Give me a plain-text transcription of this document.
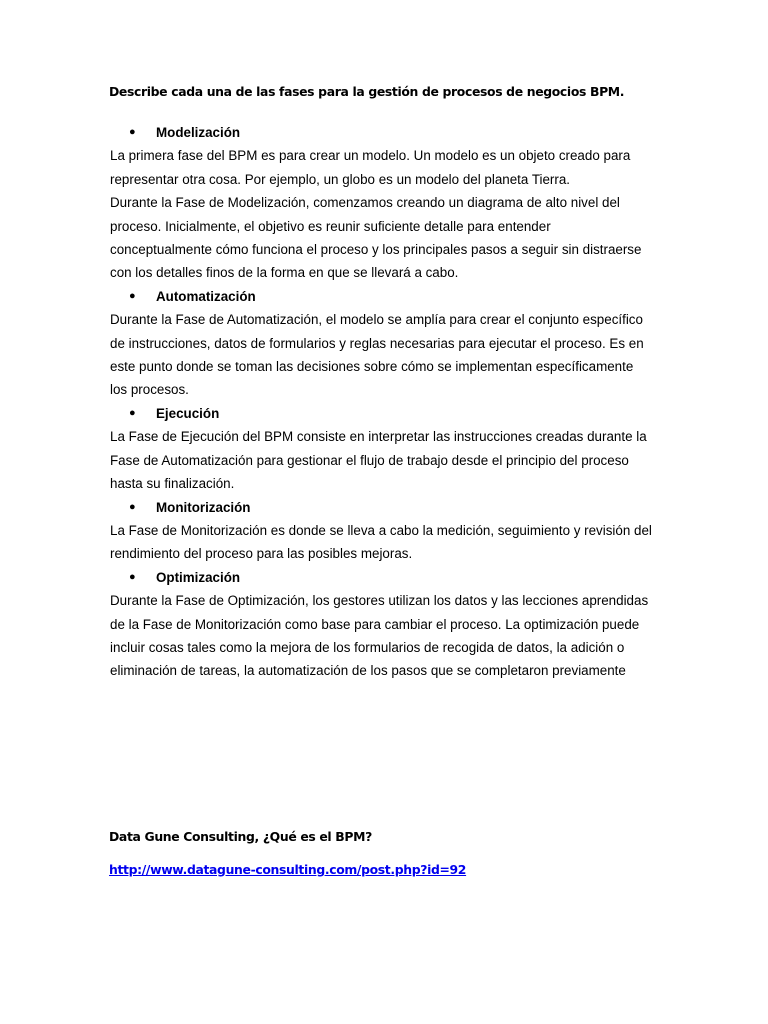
Describe cada una de las fases para la gestión de procesos de negocios BPM.
● Modelización
La primera fase del BPM es para crear un modelo. Un modelo es un objeto creado para
representar otra cosa. Por ejemplo, un globo es un modelo del planeta Tierra.
Durante la Fase de Modelización, comenzamos creando un diagrama de alto nivel del
proceso. Inicialmente, el objetivo es reunir suficiente detalle para entender
conceptualmente cómo funciona el proceso y los principales pasos a seguir sin distraerse
con los detalles finos de la forma en que se llevará a cabo.
● Automatización
Durante la Fase de Automatización, el modelo se amplía para crear el conjunto específico
de instrucciones, datos de formularios y reglas necesarias para ejecutar el proceso. Es en
este punto donde se toman las decisiones sobre cómo se implementan específicamente
los procesos.
● Ejecución
La Fase de Ejecución del BPM consiste en interpretar las instrucciones creadas durante la
Fase de Automatización para gestionar el flujo de trabajo desde el principio del proceso
hasta su finalización.
● Monitorización
La Fase de Monitorización es donde se lleva a cabo la medición, seguimiento y revisión del
rendimiento del proceso para las posibles mejoras.
● Optimización
Durante la Fase de Optimización, los gestores utilizan los datos y las lecciones aprendidas
de la Fase de Monitorización como base para cambiar el proceso. La optimización puede
incluir cosas tales como la mejora de los formularios de recogida de datos, la adición o
eliminación de tareas, la automatización de los pasos que se completaron previamente
Data Gune Consulting, ¿Qué es el BPM?
http://www.datagune-consulting.com/post.php?id=92
